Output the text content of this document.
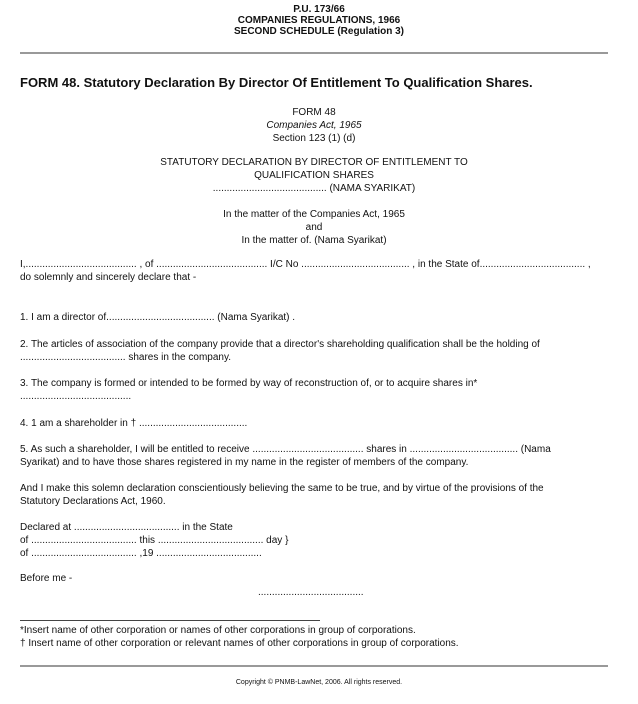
P.U. 173/66
COMPANIES REGULATIONS, 1966
SECOND SCHEDULE (Regulation 3)
FORM 48. Statutory Declaration By Director Of Entitlement To Qualification Shares.
FORM 48
Companies Act, 1965
Section 123 (1) (d)
STATUTORY DECLARATION BY DIRECTOR OF ENTITLEMENT TO
QUALIFICATION SHARES
......................................... (NAMA SYARIKAT)
In the matter of the Companies Act, 1965
and
In the matter of. (Nama Syarikat)
I,........................................ , of ........................................ I/C No ....................................... , in the State of...................................... ,
do solemnly and sincerely declare that -
1. I am a director of....................................... (Nama Syarikat) .
2. The articles of association of the company provide that a director's shareholding qualification shall be the holding of
...................................... shares in the company.
3. The company is formed or intended to be formed by way of reconstruction of, or to acquire shares in*
........................................
4. 1 am a shareholder in † .......................................
5. As such a shareholder, I will be entitled to receive ........................................ shares in ....................................... (Nama
Syarikat) and to have those shares registered in my name in the register of members of the company.
And I make this solemn declaration conscientiously believing the same to be true, and by virtue of the provisions of the
Statutory Declarations Act, 1960.
Declared at ...................................... in the State
of ...................................... this ...................................... day }
of ...................................... ,19 ......................................
Before me -
......................................
*Insert name of other corporation or names of other corporations in group of corporations.
† Insert name of other corporation or relevant names of other corporations in group of corporations.
Copyright © PNMB-LawNet, 2006. All rights reserved.
